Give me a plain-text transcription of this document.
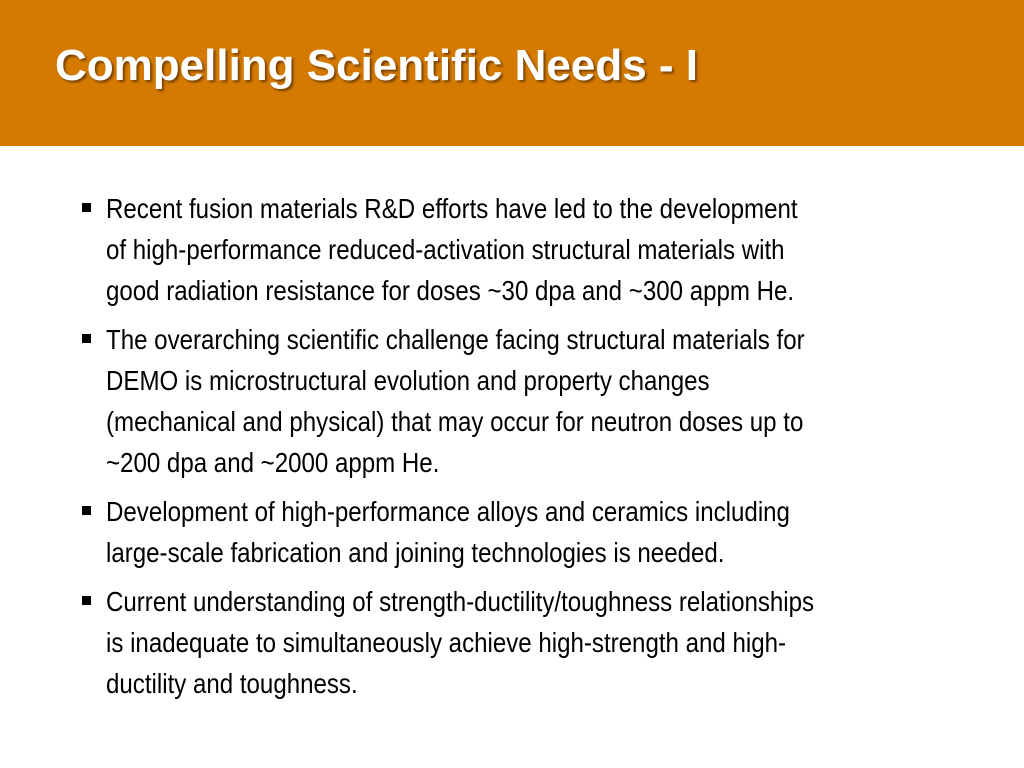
Compelling Scientific Needs - I
Recent fusion materials R&D efforts have led to the development
of high-performance reduced-activation structural materials with
good radiation resistance for doses ~30 dpa and ~300 appm He.
The overarching scientific challenge facing structural materials for
DEMO is microstructural evolution and property changes
(mechanical and physical) that may occur for neutron doses up to
~200 dpa and ~2000 appm He.
Development of high-performance alloys and ceramics including
large-scale fabrication and joining technologies is needed.
Current understanding of strength-ductility/toughness relationships
is inadequate to simultaneously achieve high-strength and high-
ductility and toughness.
